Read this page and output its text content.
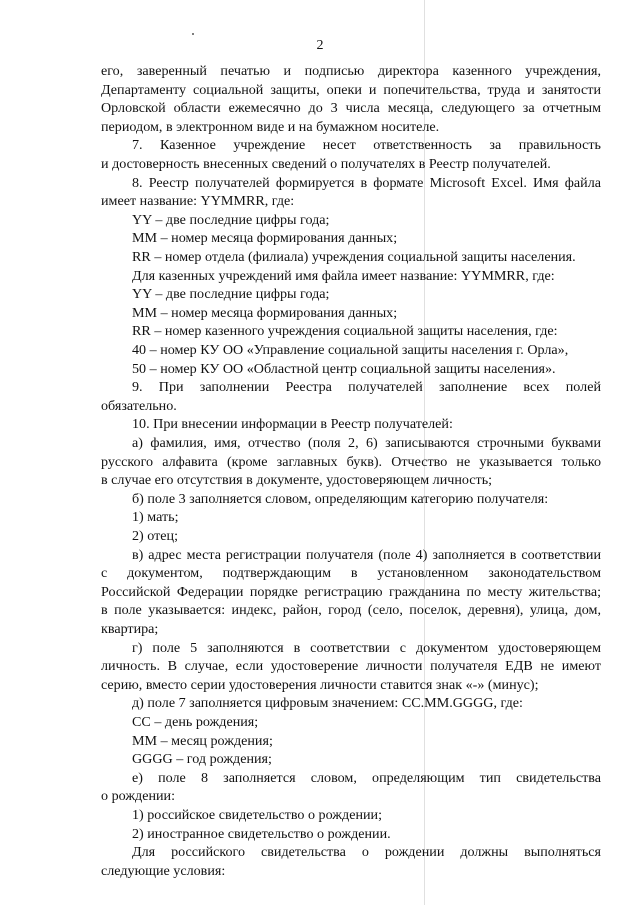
2
его, заверенный печатью и подписью директора казенного учреждения,
Департаменту социальной защиты, опеки и попечительства, труда и занятости
Орловской области ежемесячно до 3 числа месяца, следующего за отчетным
периодом, в электронном виде и на бумажном носителе.
7. Казенное учреждение несет ответственность за правильность
и достоверность внесенных сведений о получателях в Реестр получателей.
8. Реестр получателей формируется в формате Microsoft Excel. Имя файла
имеет название: YYMMRR, где:
YY – две последние цифры года;
MM – номер месяца формирования данных;
RR – номер отдела (филиала) учреждения социальной защиты населения.
Для казенных учреждений имя файла имеет название: YYMMRR, где:
YY – две последние цифры года;
MM – номер месяца формирования данных;
RR – номер казенного учреждения социальной защиты населения, где:
40 – номер КУ ОО «Управление социальной защиты населения г. Орла»,
50 – номер КУ ОО «Областной центр социальной защиты населения».
9. При заполнении Реестра получателей заполнение всех полей
обязательно.
10. При внесении информации в Реестр получателей:
а) фамилия, имя, отчество (поля 2, 6) записываются строчными буквами
русского алфавита (кроме заглавных букв). Отчество не указывается только
в случае его отсутствия в документе, удостоверяющем личность;
б) поле 3 заполняется словом, определяющим категорию получателя:
1) мать;
2) отец;
в) адрес места регистрации получателя (поле 4) заполняется в соответствии
с документом, подтверждающим в установленном законодательством
Российской Федерации порядке регистрацию гражданина по месту жительства;
в поле указывается: индекс, район, город (село, поселок, деревня), улица, дом,
квартира;
г) поле 5 заполняются в соответствии с документом удостоверяющем
личность. В случае, если удостоверение личности получателя ЕДВ не имеют
серию, вместо серии удостоверения личности ставится знак «-» (минус);
д) поле 7 заполняется цифровым значением: CC.MM.GGGG, где:
CC – день рождения;
MM – месяц рождения;
GGGG – год рождения;
е) поле 8 заполняется словом, определяющим тип свидетельства
о рождении:
1) российское свидетельство о рождении;
2) иностранное свидетельство о рождении.
Для российского свидетельства о рождении должны выполняться
следующие условия:
